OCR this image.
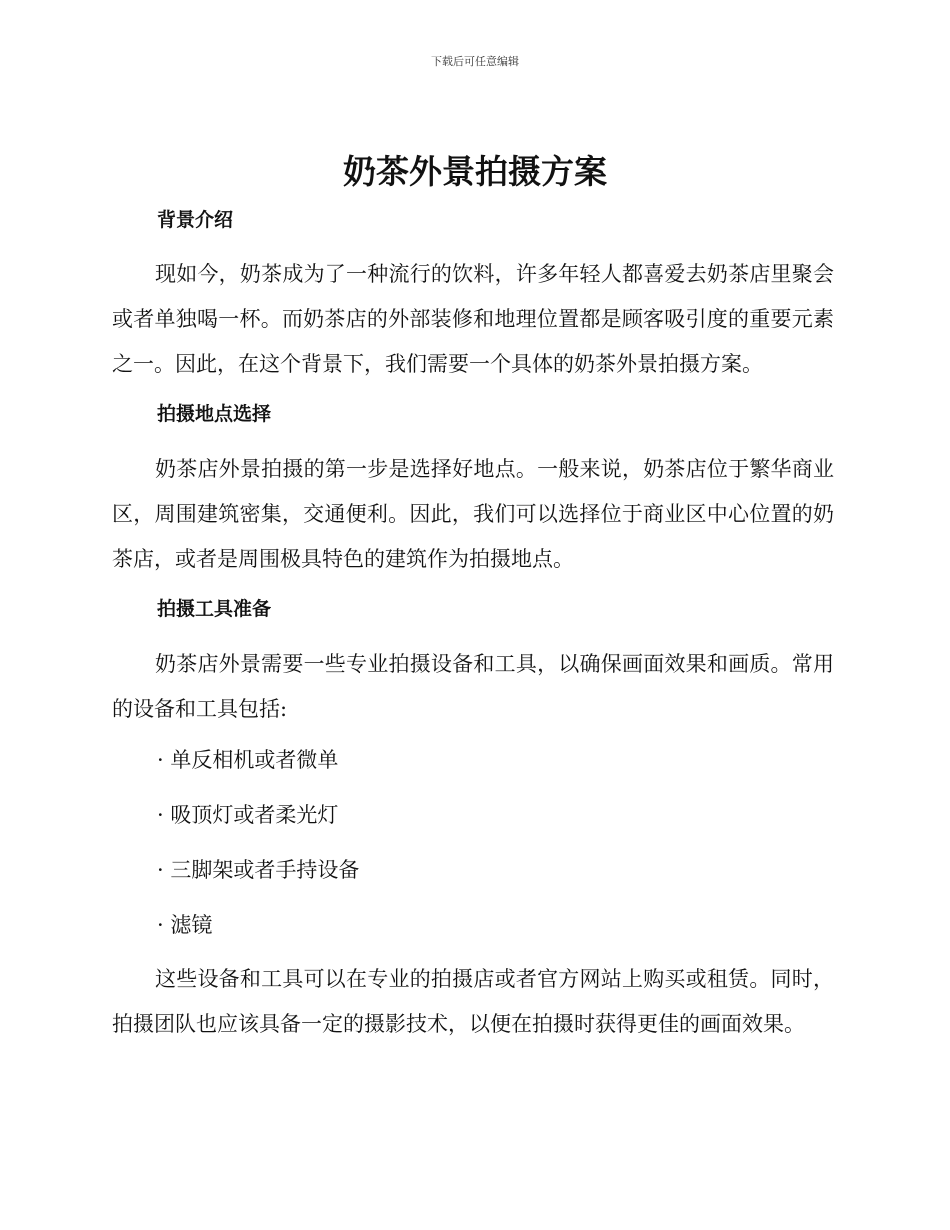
下载后可任意编辑
奶茶外景拍摄方案
背景介绍

现如今，奶茶成为了一种流行的饮料，许多年轻人都喜爱去奶茶店里聚会或者单独喝一杯。而奶茶店的外部装修和地理位置都是顾客吸引度的重要元素之一。因此，在这个背景下，我们需要一个具体的奶茶外景拍摄方案。

拍摄地点选择

奶茶店外景拍摄的第一步是选择好地点。一般来说，奶茶店位于繁华商业区，周围建筑密集，交通便利。因此，我们可以选择位于商业区中心位置的奶茶店，或者是周围极具特色的建筑作为拍摄地点。

拍摄工具准备

奶茶店外景需要一些专业拍摄设备和工具，以确保画面效果和画质。常用的设备和工具包括:

· 单反相机或者微单

· 吸顶灯或者柔光灯

· 三脚架或者手持设备

· 滤镜

这些设备和工具可以在专业的拍摄店或者官方网站上购买或租赁。同时，拍摄团队也应该具备一定的摄影技术，以便在拍摄时获得更佳的画面效果。
